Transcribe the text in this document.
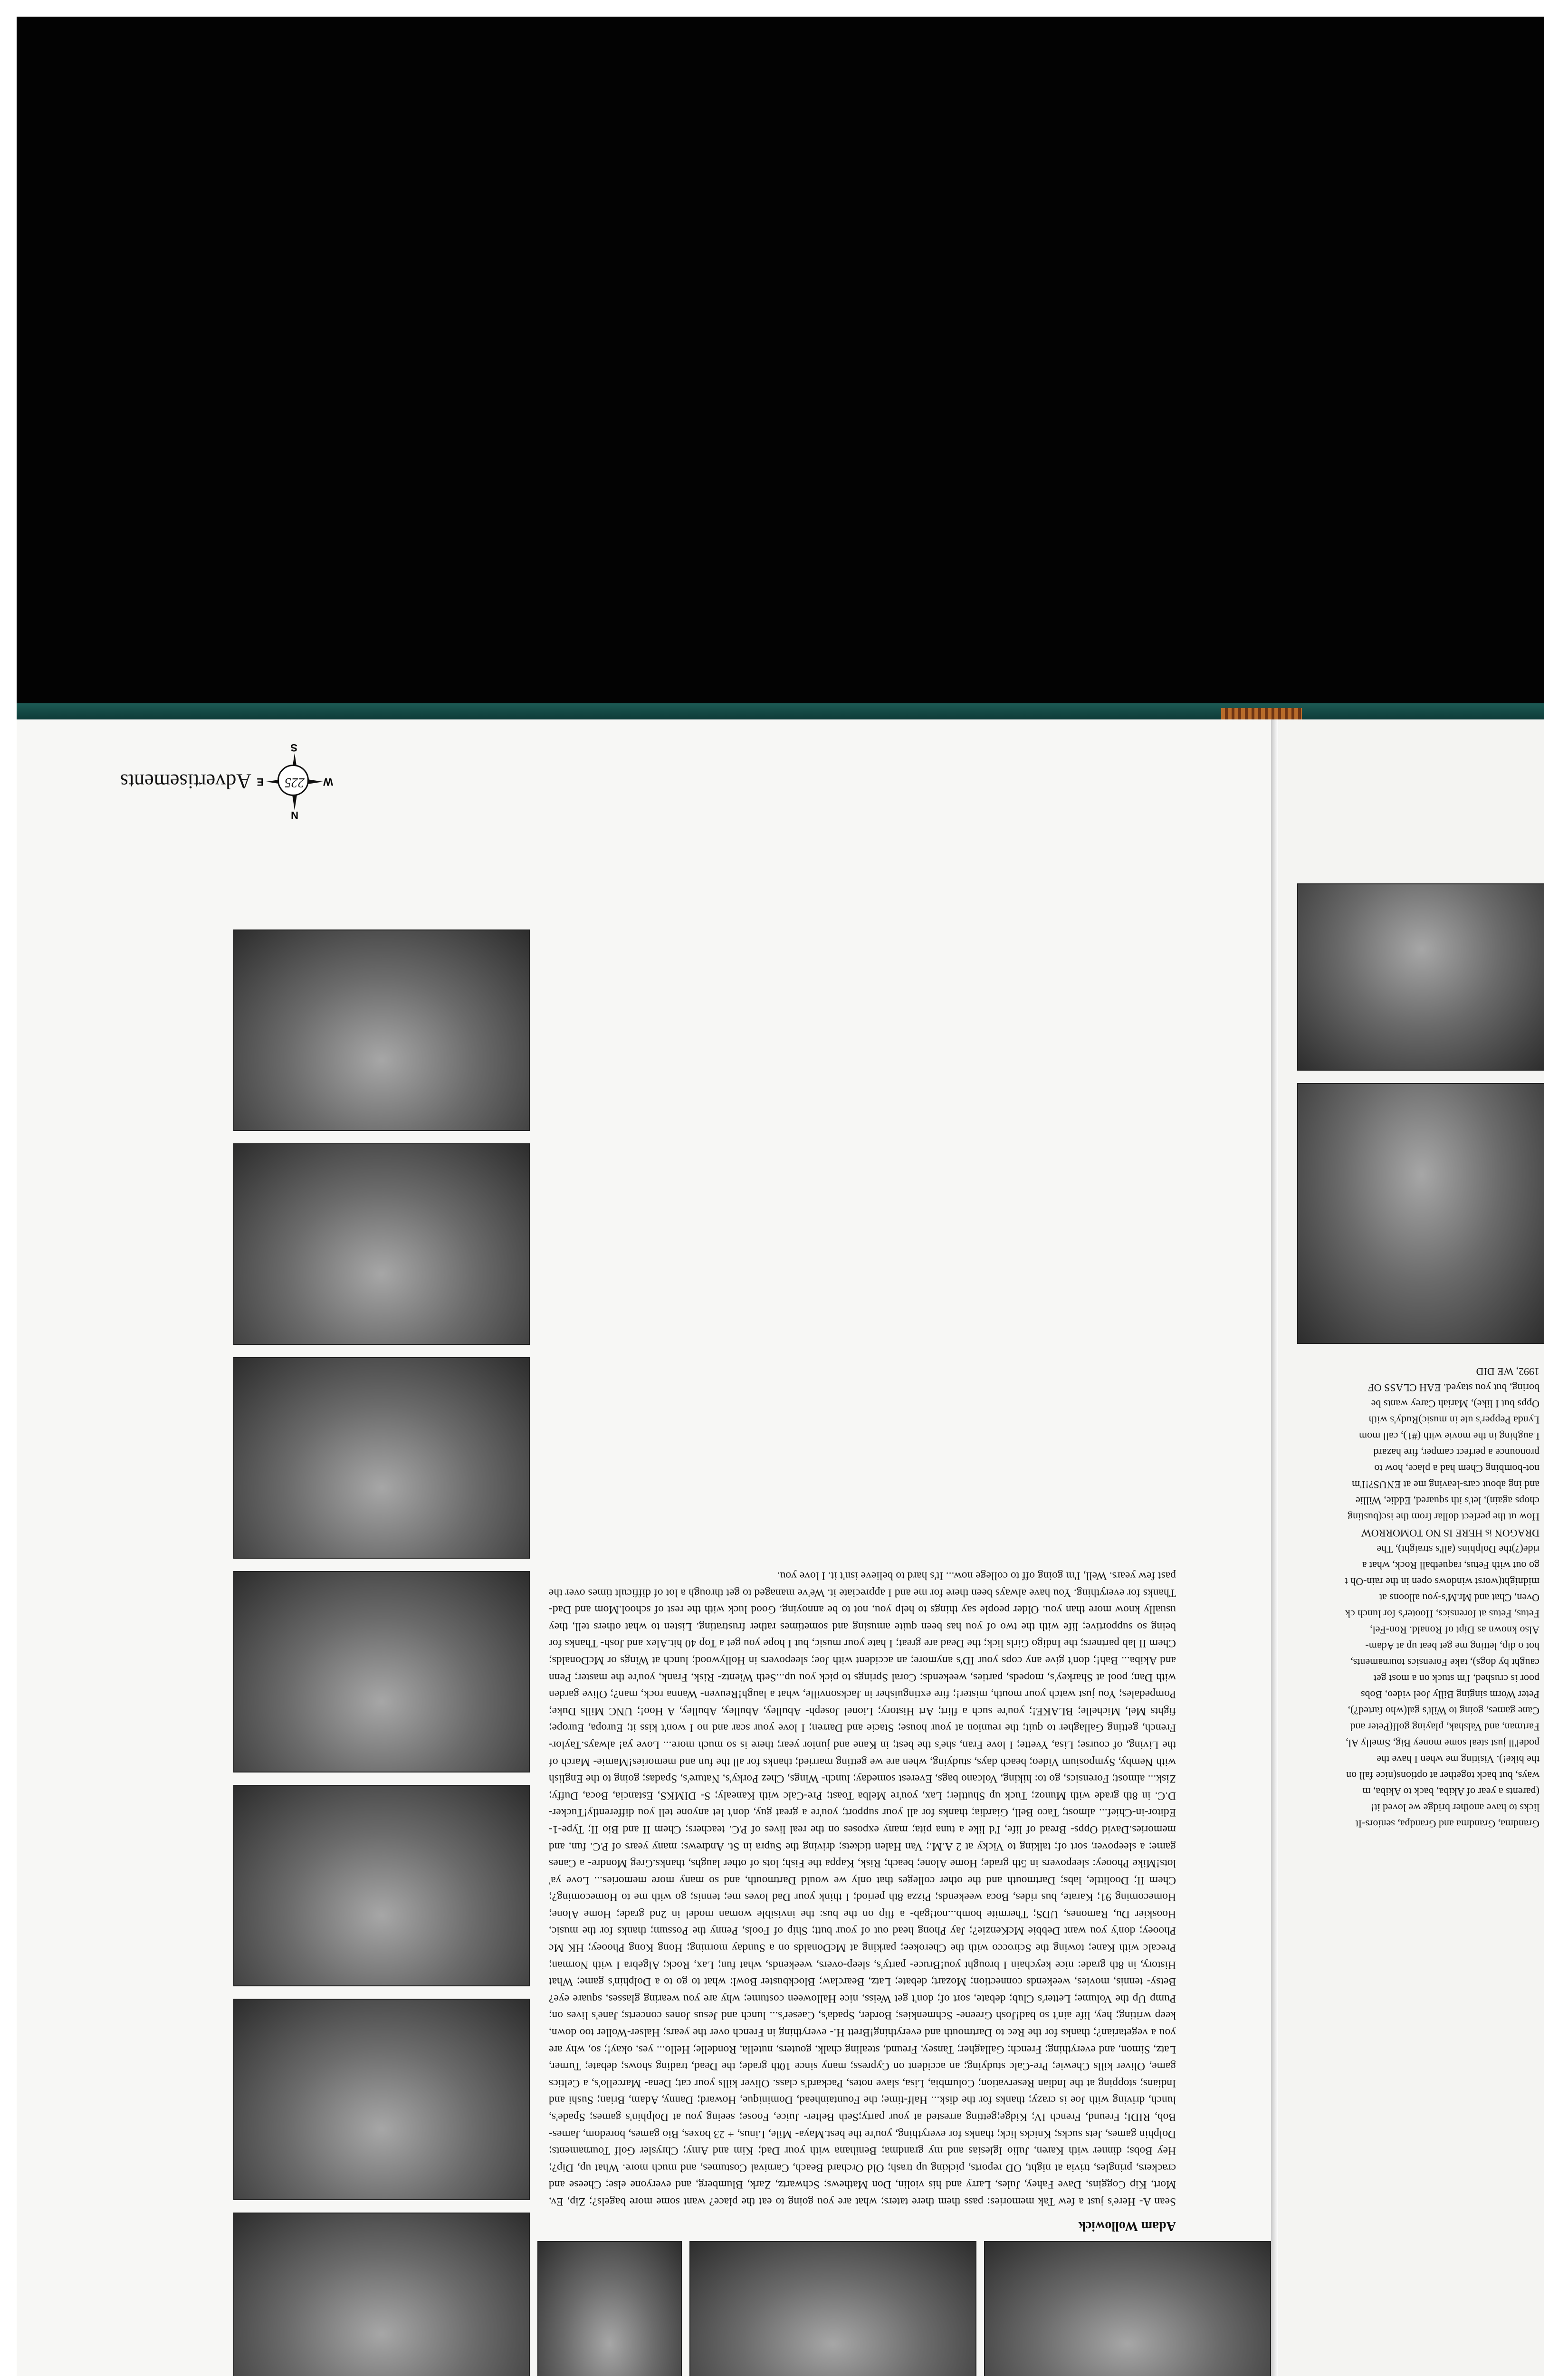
Adam Wollowick

Sean A- Here's just a few Tak memories: pass them there taters; what are you going to eat the place? want some more bagels?; Zip, Ev, Mort, Kip Coggins, Dave Fahey, Jules, Larry and his violin, Don Mathews; Schwartz, Zark, Blumberg, and everyone else; Cheese and crackers, pringles, trivia at night, OD reports, picking up trash; Old Orchard Beach, Carnival Costumes, and much more. What up, Dip?; Hey Bobs; dinner with Karen, Julio Iglesias and my grandma; Benihana with your Dad; Kim and Amy; Chrysler Golf Tournaments; Dolphin games, Jets sucks; Knicks lick; thanks for everything, you're the best.Maya- Mile, Linus, + 23 boxes, Bio games, boredom, James- Bob, RIDI; Freund, French IV; Kidge;getting arrested at your party;Seth Belter- Juice, Foose; seeing you at Dolphin's games; Spade's, lunch, driving with Joe is crazy; thanks for the disk... Half-time; the Fountainhead, Dominique, Howard; Danny, Adam, Brian; Sushi and Indians; stopping at the Indian Reservation; Columbia, Lisa, slave notes, Packard's class. Oliver kills your cat; Dena- Marcello's, a Celtics game, Oliver kills Chewie; Pre-Calc studying; an accident on Cypress; many since 10th grade; the Dead, trading shows; debate; Turner, Latz, Simon, and everything; French; Gallagher; Tansey, Freund, stealing chalk, gouters, nutella, Rondelle; Hello... yes, okay!; so, why are you a vegetarian?; thanks for the Rec to Dartmouth and everything!Brett H.- everything in French over the years; Halser-Woller too down, keep writing; hey, life ain't so bad!Josh Greene- Schmenkies; Border, Spada's, Caeser's... lunch and Jesus Jones concerts; Jane's lives on; Pump Up the Volume; Letter's Club; debate, sort of; don't get Weiss, nice Halloween costume; why are you wearing glasses, square eye?Betsy- tennis, movies, weekends connection; Mozart; debate; Latz, Bearclaw; Blockbuster Bowl: what to go to a Dolphin's game; What History, in 8th grade: nice keychain I brought you!Bruce- party's, sleep-overs, weekends, what fun; Lax, Rock; Algebra I with Norman; Precalc with Kane; towing the Scirocco with the Cherokee; parking at McDonalds on a Sunday morning; Hong Kong Phooey; HK Mc Phooey; don'y you want Debbie McKenzie?; Jay Phong head out of your butt; Ship of Fools, Penny the Possum; thanks for the music, Hooskier Du, Ramones, UDS; Thermite bomb...not!gab- a flip on the bus: the invisible woman model in 2nd grade; Home Alone; Homecoming 91; Karate, bus rides, Boca weekends; Pizza 8th period; I think your Dad loves me; tennis; go with me to Homecoming?; Chem II; Doolittle, labs; Dartmouth and the other colleges that only we would Dartmouth, and so many more memories... Love ya' lots!Mike Phooey: sleepovers in 5th grade; Home Alone; beach; Risk, Kappa the Fish; lots of other laughs, thanks.Greg Mondre- a Canes game; a sleepover, sort of; talking to Vicky at 2 A.M.; Van Halen tickets; driving the Supra in St. Andrews; many years of P.C. fun, and memories.David Opps- Bread of life, I'd like a tuna pita; many exposes on the real lives of P.C. teachers; Chem II and Bio II; Type-1- Editor-in-Chief... almost; Taco Bell, Giardia; thanks for all your support; you're a great guy, don't let anyone tell you differently!Tucker- D.C. in 8th grade with Munoz; Tuck up Shuttler; Lax, you're Melba Toast; Pre-Calc with Kanealy; S- DIMKS, Estancia, Boca, Duffy; Zisk... almost; Forensics, go to: hiking, Volcano bags, Everest someday; lunch- Wings, Chez Porky's, Nature's, Spadas; going to the English with Nemby, Symposium Video; beach days, studying, when are we getting married; thanks for all the fun and memories!Mamie- March of the Living, of course; Lisa, Yvette; I love Fran, she's the best; in Kane and junior year; there is so much more... Love ya! always.Taylor- French, getting Gallagher to quit; the reunion at your house; Stacie and Darren; I love your scar and no I won't kiss it; Europa, Europe; fights Mel, Michelle; BLAKE!; you're such a flirt; Art History; Lionel Joseph- Abulley, Abulley, Abulley, A Hoo!; UNC Mills Duke; Pompedales; You just watch your mouth, mister!; fire extinguisher in Jacksonville, what a laugh!Reuven- Wanna rock, man?; Olive garden with Dan; pool at Sharkey's, mopeds, parties, weekends; Coral Springs to pick you up...Seth Wientz- Risk, Frank, you're the master; Penn and Akiba... Bah!; don't give any cops your ID's anymore; an accident with Joe; sleepovers in Hollywood; lunch at Wings or McDonalds; Chem II lab partners; the Indigo Girls lick; the Dead are great; I hate your music, but I hope you get a Top 40 hit.Alex and Josh- Thanks for being so supportive; life with the two of you has been quite amusing and sometimes rather frustrating. Listen to what others tell, they usually know more than you. Older people say things to help you, not to be annoying. Good luck with the rest of school.Mom and Dad- Thanks for everything. You have always been there for me and I appreciate it. We've managed to get through a lot of difficult times over the past few years. Well, I'm going off to college now... It's hard to believe isn't it. I love you.

225
N
S
E	W
Advertisements

Grandma, Grandma and Grandpa, seniors-It licks to have another bridge we loved it!(parents a year of Akiba, back to Akiba, m ways, but back together at options(nice fall on the bike!). Visiting me when I have the podel'll just steal some money Big, Smelly Al, Fartman, and Valshak, playing golf(Peter and Cane games, going to Wilt's gal(who farted?), Peter Worm singing Billy Joel video, Bobs poor is crushed, I'm stuck on a most get caught by dogs), take Forensics tournaments, hot o dip, letting me get beat up at Adam- Also known as Dipt of Ronald. Ron-Fel, Fetus, Fetus at forensics, Hooter's for lunch ck Oven, Chat and Mr.M's-you alloons at midnight(worst windows open in the rain-Oh t go out with Fetus, raquetball Rock, what a ride(?)the Dolphins (all's straight), The DRAGON is HERE IS NO TOMORROW How ut the perfect dollar from the isc(busting chops again), let's ith squared, Eddie, Willie and ing about cars-leaving me at ENUS?!I'm not-bombing Chem had a place, how to pronounce a perfect camper, fire hazard Laughing in the movie with (#1), call mom Lynda Pepper's ute in music)Rudy's with Opps but I like), Mariah Carey wants be boring, but you stayed. EAH CLASS OF 1992, WE DID
